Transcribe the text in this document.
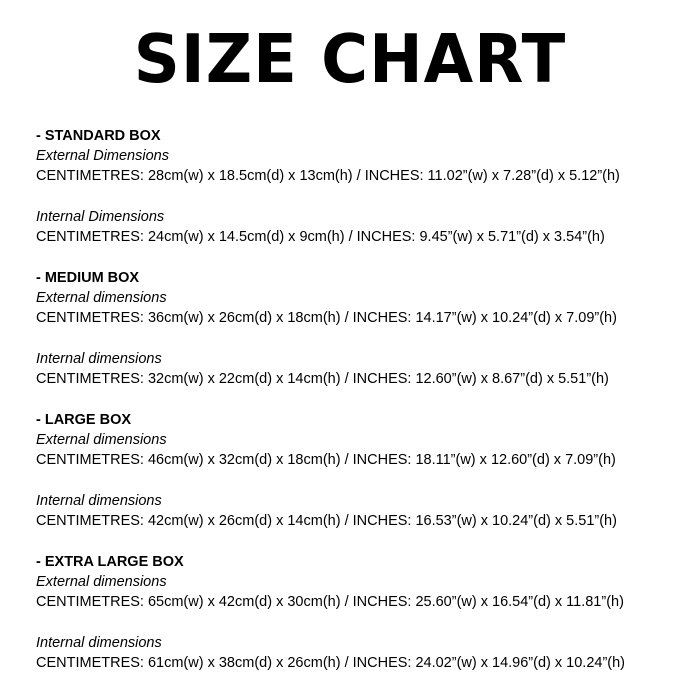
SIZE CHART
- STANDARD BOX
External Dimensions
CENTIMETRES: 28cm(w) x 18.5cm(d) x 13cm(h) / INCHES: 11.02”(w) x 7.28”(d) x 5.12”(h)
Internal Dimensions
CENTIMETRES: 24cm(w) x 14.5cm(d) x 9cm(h) / INCHES: 9.45”(w) x 5.71”(d) x 3.54”(h)
- MEDIUM BOX
External dimensions
CENTIMETRES: 36cm(w) x 26cm(d) x 18cm(h) / INCHES: 14.17”(w) x 10.24”(d) x 7.09”(h)
Internal dimensions
CENTIMETRES: 32cm(w) x 22cm(d) x 14cm(h) / INCHES: 12.60”(w) x 8.67”(d) x 5.51”(h)
- LARGE BOX
External dimensions
CENTIMETRES: 46cm(w) x 32cm(d) x 18cm(h) / INCHES: 18.11”(w) x 12.60”(d) x 7.09”(h)
Internal dimensions
CENTIMETRES: 42cm(w) x 26cm(d) x 14cm(h) / INCHES: 16.53”(w) x 10.24”(d) x 5.51”(h)
- EXTRA LARGE BOX
External dimensions
CENTIMETRES: 65cm(w) x 42cm(d) x 30cm(h) / INCHES: 25.60”(w) x 16.54”(d) x 11.81”(h)
Internal dimensions
CENTIMETRES: 61cm(w) x 38cm(d) x 26cm(h) / INCHES: 24.02”(w) x 14.96”(d) x 10.24”(h)
